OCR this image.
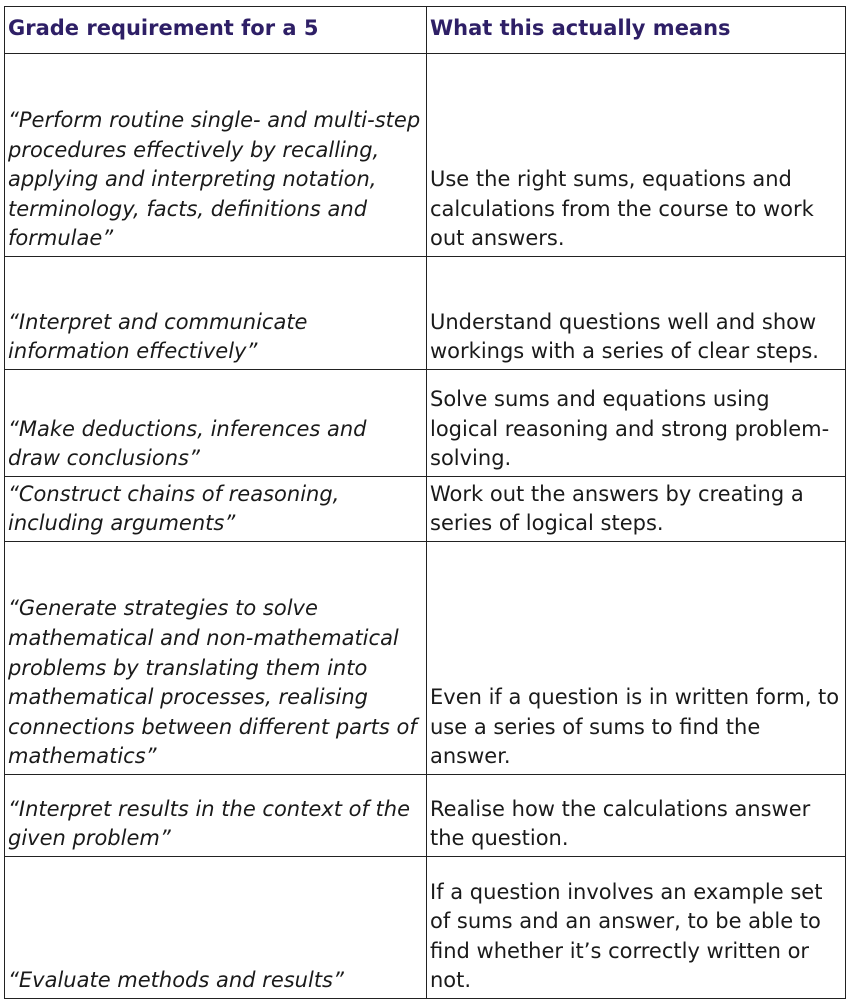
Grade requirement for a 5	What this actually means
“Perform routine single- and multi-step procedures effectively by recalling, applying and interpreting notation, terminology, facts, definitions and formulae”	Use the right sums, equations and calculations from the course to work out answers.
“Interpret and communicate information effectively”	Understand questions well and show workings with a series of clear steps.
“Make deductions, inferences and draw conclusions”	Solve sums and equations using logical reasoning and strong problem-solving.
“Construct chains of reasoning, including arguments”	Work out the answers by creating a series of logical steps.
“Generate strategies to solve mathematical and non-mathematical problems by translating them into mathematical processes, realising connections between different parts of mathematics”	Even if a question is in written form, to use a series of sums to find the answer.
“Interpret results in the context of the given problem”	Realise how the calculations answer the question.
“Evaluate methods and results”	If a question involves an example set of sums and an answer, to be able to find whether it’s correctly written or not.
